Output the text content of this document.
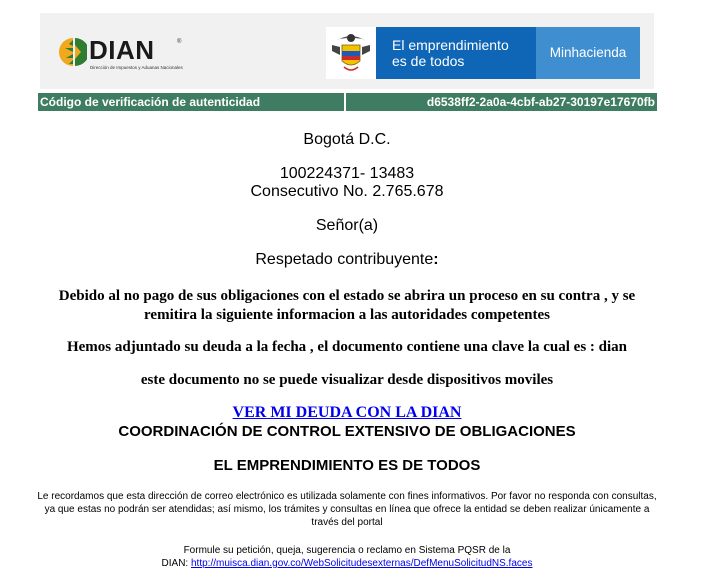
DIAN	®
Dirección de Impuestos y Aduanas Nacionales
El emprendimiento
es de todos
Minhacienda
Código de verificación de autenticidad	d6538ff2-2a0a-4cbf-ab27-30197e17670fb
Bogotá D.C.
100224371- 13483
Consecutivo No. 2.765.678
Señor(a)
Respetado contribuyente:
Debido al no pago de sus obligaciones con el estado se abrira un proceso en su contra , y se
remitira la siguiente informacion a las autoridades competentes
Hemos adjuntado su deuda a la fecha , el documento contiene una clave la cual es : dian
este documento no se puede visualizar desde dispositivos moviles
VER MI DEUDA CON LA DIAN
COORDINACIÓN DE CONTROL EXTENSIVO DE OBLIGACIONES
EL EMPRENDIMIENTO ES DE TODOS
Le recordamos que esta dirección de correo electrónico es utilizada solamente con fines informativos. Por favor no responda con consultas,
ya que estas no podrán ser atendidas; así mismo, los trámites y consultas en línea que ofrece la entidad se deben realizar únicamente a
través del portal
Formule su petición, queja, sugerencia o reclamo en Sistema PQSR de la
DIAN: http://muisca.dian.gov.co/WebSolicitudesexternas/DefMenuSolicitudNS.faces
